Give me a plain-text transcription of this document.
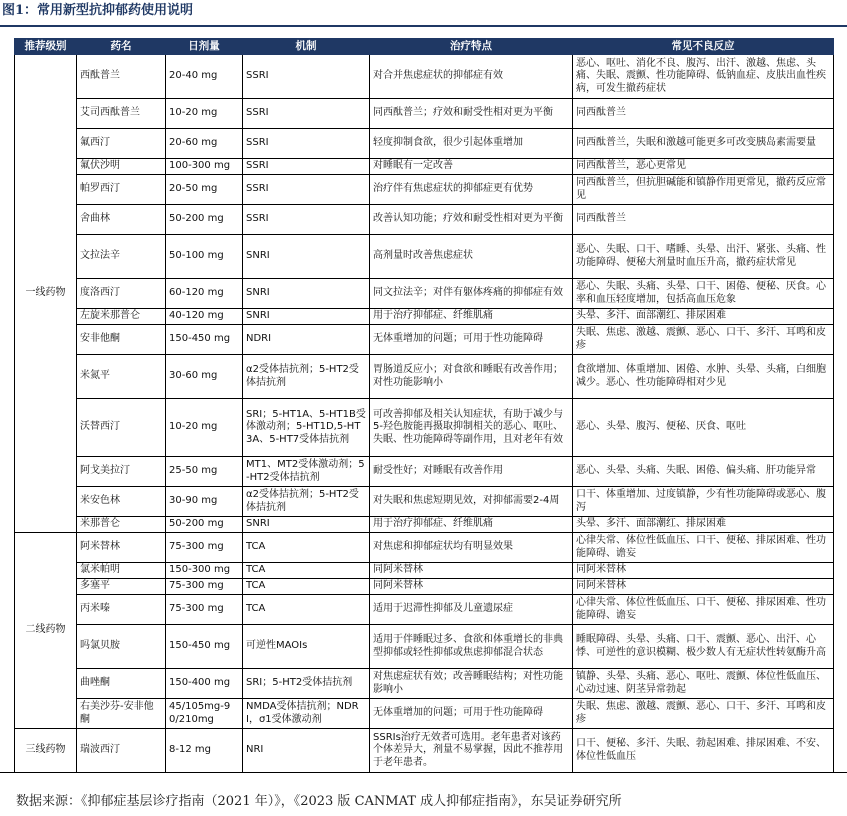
图1：常用新型抗抑郁药使用说明
推荐级别	药名	日剂量	机制	治疗特点	常见不良反应
一线药物	西酞普兰	20-40 mg	SSRI	对合并焦虑症状的抑郁症有效	恶心、呕吐、消化不良、腹泻、出汗、激越、焦虑、头痛、失眠、震颤、性功能障碍、低钠血症、皮肤出血性疾病，可发生撤药症状
	艾司西酞普兰	10-20 mg	SSRI	同西酞普兰；疗效和耐受性相对更为平衡	同西酞普兰
	氟西汀	20-60 mg	SSRI	轻度抑制食欲，很少引起体重增加	同西酞普兰，失眠和激越可能更多可改变胰岛素需要量
	氟伏沙明	100-300 mg	SSRI	对睡眠有一定改善	同西酞普兰，恶心更常见
	帕罗西汀	20-50 mg	SSRI	治疗伴有焦虑症状的抑郁症更有优势	同西酞普兰，但抗胆碱能和镇静作用更常见，撤药反应常见
	舍曲林	50-200 mg	SSRI	改善认知功能；疗效和耐受性相对更为平衡	同西酞普兰
	文拉法辛	50-100 mg	SNRI	高剂量时改善焦虑症状	恶心、失眠、口干、嗜睡、头晕、出汗、紧张、头痛、性功能障碍、便秘大剂量时血压升高，撤药症状常见
	度洛西汀	60-120 mg	SNRI	同文拉法辛；对伴有躯体疼痛的抑郁症有效	恶心、失眠、头痛、头晕、口干、困倦、便秘、厌食。心率和血压轻度增加，包括高血压危象
	左旋米那普仑	40-120 mg	SNRI	用于治疗抑郁症、纤维肌痛	头晕、多汗、面部潮红、排尿困难
	安非他酮	150-450 mg	NDRI	无体重增加的问题；可用于性功能障碍	失眠、焦虑、激越、震颤、恶心、口干、多汗、耳鸣和皮疹
	米氮平	30-60 mg	α2受体拮抗剂；5-HT2受体拮抗剂	胃肠道反应小；对食欲和睡眠有改善作用；对性功能影响小	食欲增加、体重增加、困倦、水肿、头晕、头痛，白细胞减少。恶心、性功能障碍相对少见
	沃替西汀	10-20 mg	SRI；5-HT1A、5-HT1B受体激动剂；5-HT1D,5-HT3A、5-HT7受体拮抗剂	可改善抑郁及相关认知症状，有助于减少与5-羟色胺能再摄取抑制相关的恶心、呕吐、失眠、性功能障碍等副作用，且对老年有效	恶心、头晕、腹泻、便秘、厌食、呕吐
	阿戈美拉汀	25-50 mg	MT1、MT2受体激动剂；5-HT2受体拮抗剂	耐受性好；对睡眠有改善作用	恶心、头晕、头痛、失眠、困倦、偏头痛、肝功能异常
	米安色林	30-90 mg	α2受体拮抗剂；5-HT2受体拮抗剂	对失眠和焦虑短期见效，对抑郁需要2-4周	口干、体重增加、过度镇静，少有性功能障碍或恶心、腹泻
	米那普仑	50-200 mg	SNRI	用于治疗抑郁症、纤维肌痛	头晕、多汗、面部潮红、排尿困难
二线药物	阿米替林	75-300 mg	TCA	对焦虑和抑郁症状均有明显效果	心律失常、体位性低血压、口干、便秘、排尿困难、性功能障碍、谵妄
	氯米帕明	150-300 mg	TCA	同阿米替林	同阿米替林
	多塞平	75-300 mg	TCA	同阿米替林	同阿米替林
	丙米嗪	75-300 mg	TCA	适用于迟滞性抑郁及儿童遗尿症	心律失常、体位性低血压、口干、便秘、排尿困难、性功能障碍、谵妄
	吗氯贝胺	150-450 mg	可逆性MAOIs	适用于伴睡眠过多、食欲和体重增长的非典型抑郁或轻性抑郁或焦虑抑郁混合状态	睡眠障碍、头晕、头痛、口干、震颤、恶心、出汗、心悸、可逆性的意识模糊、极少数人有无症状性转氨酶升高
	曲唑酮	150-400 mg	SRI；5-HT2受体拮抗剂	对焦虑症状有效；改善睡眠结构；对性功能影响小	镇静、头晕、头痛、恶心、呕吐、震颤、体位性低血压、心动过速、阴茎异常勃起
	右美沙芬-安非他酮	45/105mg-90/210mg	NMDA受体拮抗剂；NDRI，σ1受体激动剂	无体重增加的问题；可用于性功能障碍	失眠、焦虑、激越、震颤、恶心、口干、多汗、耳鸣和皮疹
三线药物	瑞波西汀	8-12 mg	NRI	SSRIs治疗无效者可选用。老年患者对该药个体差异大，剂量不易掌握，因此不推荐用于老年患者。	口干、便秘、多汗、失眠、勃起困难、排尿困难、不安、体位性低血压
数据来源：《抑郁症基层诊疗指南（2021 年）》，《2023 版 CANMAT 成人抑郁症指南》，东吴证券研究所
